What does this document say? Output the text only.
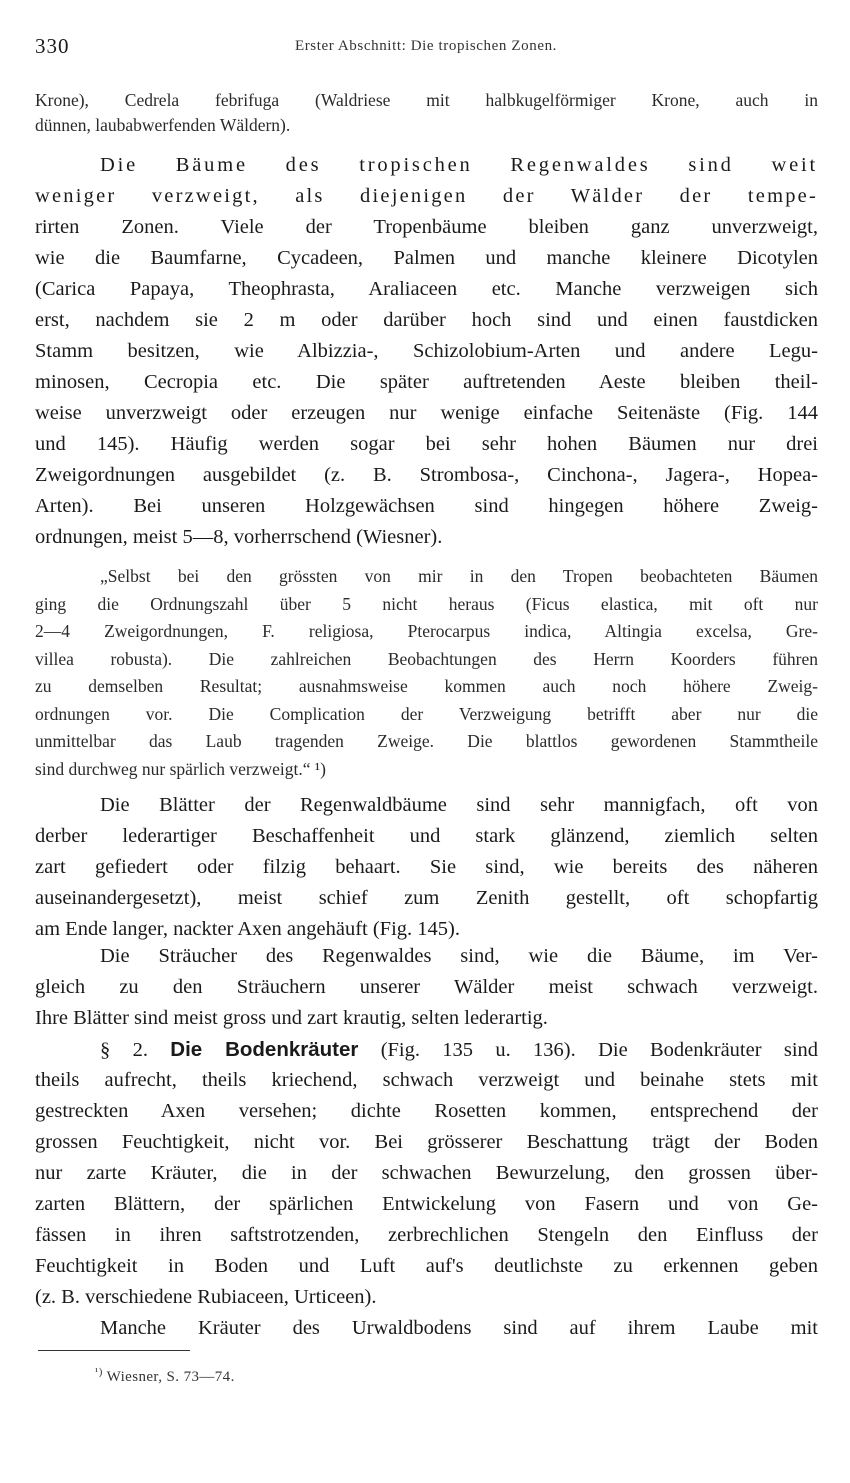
330	Erster Abschnitt: Die tropischen Zonen.
Krone), Cedrela febrifuga (Waldriese mit halbkugelförmiger Krone, auch in
dünnen, laubabwerfenden Wäldern).
Die Bäume des tropischen Regenwaldes sind weit
weniger verzweigt, als diejenigen der Wälder der tempe-
rirten Zonen. Viele der Tropenbäume bleiben ganz unverzweigt,
wie die Baumfarne, Cycadeen, Palmen und manche kleinere Dicotylen
(Carica Papaya, Theophrasta, Araliaceen etc. Manche verzweigen sich
erst, nachdem sie 2 m oder darüber hoch sind und einen faustdicken
Stamm besitzen, wie Albizzia-, Schizolobium-Arten und andere Legu-
minosen, Cecropia etc. Die später auftretenden Aeste bleiben theil-
weise unverzweigt oder erzeugen nur wenige einfache Seitenäste (Fig. 144
und 145). Häufig werden sogar bei sehr hohen Bäumen nur drei
Zweigordnungen ausgebildet (z. B. Strombosa-, Cinchona-, Jagera-, Hopea-
Arten). Bei unseren Holzgewächsen sind hingegen höhere Zweig-
ordnungen, meist 5—8, vorherrschend (Wiesner).
„Selbst bei den grössten von mir in den Tropen beobachteten Bäumen
ging die Ordnungszahl über 5 nicht heraus (Ficus elastica, mit oft nur
2—4 Zweigordnungen, F. religiosa, Pterocarpus indica, Altingia excelsa, Gre-
villea robusta). Die zahlreichen Beobachtungen des Herrn Koorders führen
zu demselben Resultat; ausnahmsweise kommen auch noch höhere Zweig-
ordnungen vor. Die Complication der Verzweigung betrifft aber nur die
unmittelbar das Laub tragenden Zweige. Die blattlos gewordenen Stammtheile
sind durchweg nur spärlich verzweigt.“ ¹)
Die Blätter der Regenwaldbäume sind sehr mannigfach, oft von
derber lederartiger Beschaffenheit und stark glänzend, ziemlich selten
zart gefiedert oder filzig behaart. Sie sind, wie bereits des näheren
auseinandergesetzt), meist schief zum Zenith gestellt, oft schopfartig
am Ende langer, nackter Axen angehäuft (Fig. 145).
Die Sträucher des Regenwaldes sind, wie die Bäume, im Ver-
gleich zu den Sträuchern unserer Wälder meist schwach verzweigt.
Ihre Blätter sind meist gross und zart krautig, selten lederartig.
§ 2. Die Bodenkräuter (Fig. 135 u. 136). Die Bodenkräuter sind
theils aufrecht, theils kriechend, schwach verzweigt und beinahe stets mit
gestreckten Axen versehen; dichte Rosetten kommen, entsprechend der
grossen Feuchtigkeit, nicht vor. Bei grösserer Beschattung trägt der Boden
nur zarte Kräuter, die in der schwachen Bewurzelung, den grossen über-
zarten Blättern, der spärlichen Entwickelung von Fasern und von Ge-
fässen in ihren saftstrotzenden, zerbrechlichen Stengeln den Einfluss der
Feuchtigkeit in Boden und Luft auf's deutlichste zu erkennen geben
(z. B. verschiedene Rubiaceen, Urticeen).
Manche Kräuter des Urwaldbodens sind auf ihrem Laube mit
$^{^1)}$ Wiesner, S. 73—74.
